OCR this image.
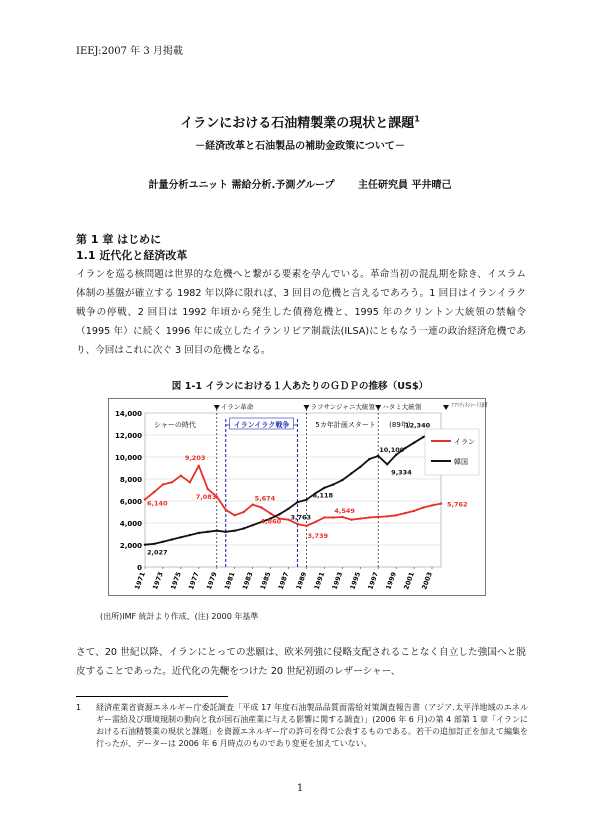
IEEJ:2007 年 3 月掲載
イランにおける石油精製業の現状と課題$^1$
－経済改革と石油製品の補助金政策について－
計量分析ユニット 需給分析.予測グループ 主任研究員 平井晴己
第 1 章 はじめに
1.1 近代化と経済改革

イランを巡る核問題は世界的な危機へと繋がる要素を孕んでいる。革命当初の混乱期を除き、イスラム体制の基盤が確立する 1982 年以降に限れば、3 回目の危機と言えるであろう。1 回目はイランイラク戦争の停戦、2 回目は 1992 年頃から発生した債務危機と、1995 年のクリントン大統領の禁輸令（1995 年）に続く 1996 年に成立したイランリビア制裁法(ILSA)にともなう一連の政治経済危機であり、今回はこれに次ぐ 3 回目の危機となる。

図 1-1 イランにおける１人あたりのＧＤＰの推移（US$）
0
2,000
4,000
6,000
8,000
10,000
12,000
14,000
1971 1973 1975 1977 1979 1981 1983 1985 1987 1989 1991 1993 1995 1997 1999 2001 2003
イラン革命	ラフサンジャニ大統領 ハタミ大統領	アフマディネジャード大統領
シャーの時代	イランイラク戦争	5カ年計画スタート (89年)
9,203
6,140
7,083	5,674
4,860
3,739
4,549
5,762
2,027
6,118
10,100
9,334
12,340
3,763
イラン
韓国
(出所)IMF 統計より作成、(注) 2000 年基準

さて、20 世紀以降、イランにとっての悲願は、欧米列強に侵略支配されることなく自立した強国へと脱皮することであった。近代化の先鞭をつけた 20 世紀初頭のレザーシャー、

1 経済産業省資源エネルギー庁委託調査「平成 17 年度石油製品品質面需給対策調査報告書（アジア.太平洋地域のエネルギー需給及び環境規制の動向と我が国石油産業に与える影響に関する調査）」(2006 年 6 月)の第 4 部第 1 章「イランにおける石油精製業の現状と課題」を資源エネルギー庁の許可を得て公表するものである。若干の追加訂正を加えて編集を行ったが、データーは 2006 年 6 月時点のものであり変更を加えていない。
1
